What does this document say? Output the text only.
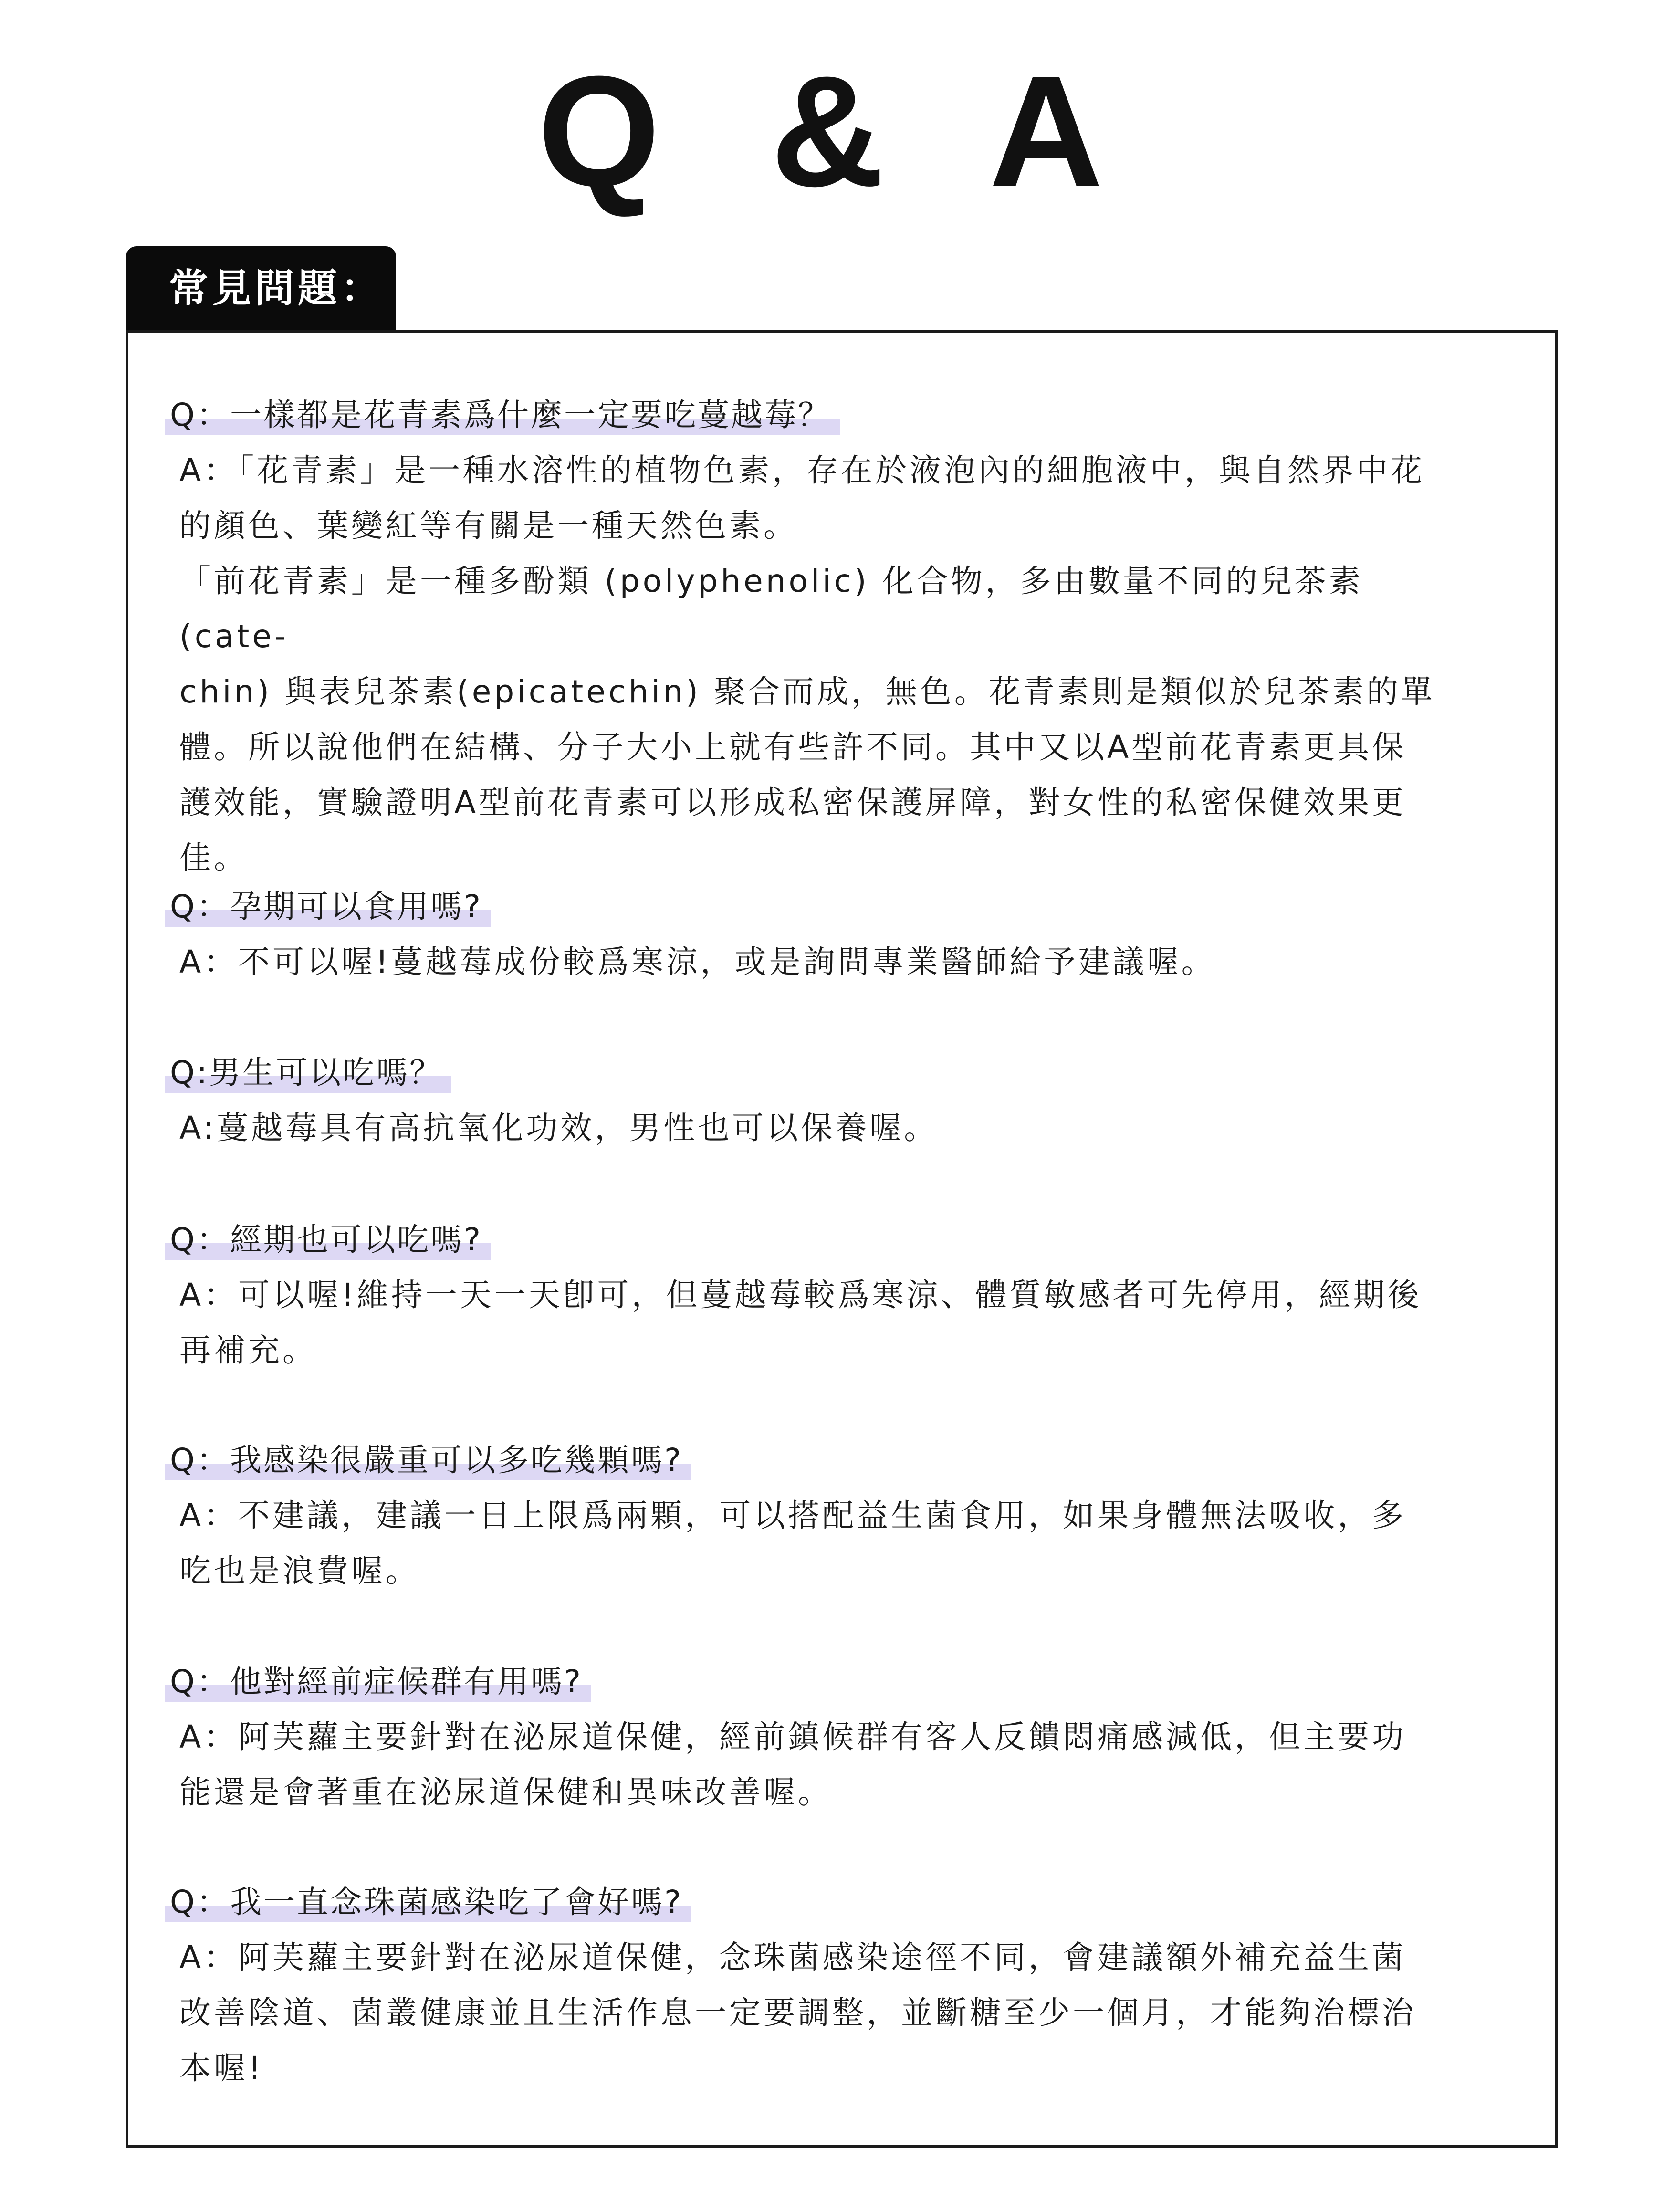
Q & A
常見問題：
Q：一樣都是花青素爲什麼一定要吃蔓越莓？

A：「花青素」是一種水溶性的植物色素，存在於液泡內的細胞液中，與自然界中花
的顏色、葉變紅等有關是一種天然色素。
「前花青素」是一種多酚類 (polyphenolic) 化合物，多由數量不同的兒茶素 (cate-
chin) 與表兒茶素(epicatechin) 聚合而成，無色。花青素則是類似於兒茶素的單
體。所以說他們在結構、分子大小上就有些許不同。其中又以A型前花青素更具保
護效能，實驗證明A型前花青素可以形成私密保護屏障，對女性的私密保健效果更
佳。

Q：孕期可以食用嗎?

A：不可以喔!蔓越莓成份較爲寒涼，或是詢問專業醫師給予建議喔。

Q:男生可以吃嗎？

A:蔓越莓具有高抗氧化功效，男性也可以保養喔。

Q：經期也可以吃嗎?

A：可以喔!維持一天一天卽可，但蔓越莓較爲寒涼、體質敏感者可先停用，經期後
再補充。

Q：我感染很嚴重可以多吃幾顆嗎?

A：不建議，建議一日上限爲兩顆，可以搭配益生菌食用，如果身體無法吸收，多
吃也是浪費喔。

Q：他對經前症候群有用嗎?

A：阿芙蘿主要針對在泌尿道保健，經前鎮候群有客人反饋悶痛感減低，但主要功
能還是會著重在泌尿道保健和異味改善喔。

Q：我一直念珠菌感染吃了會好嗎?

A：阿芙蘿主要針對在泌尿道保健，念珠菌感染途徑不同，會建議額外補充益生菌
改善陰道、菌叢健康並且生活作息一定要調整，並斷糖至少一個月，才能夠治標治
本喔!
